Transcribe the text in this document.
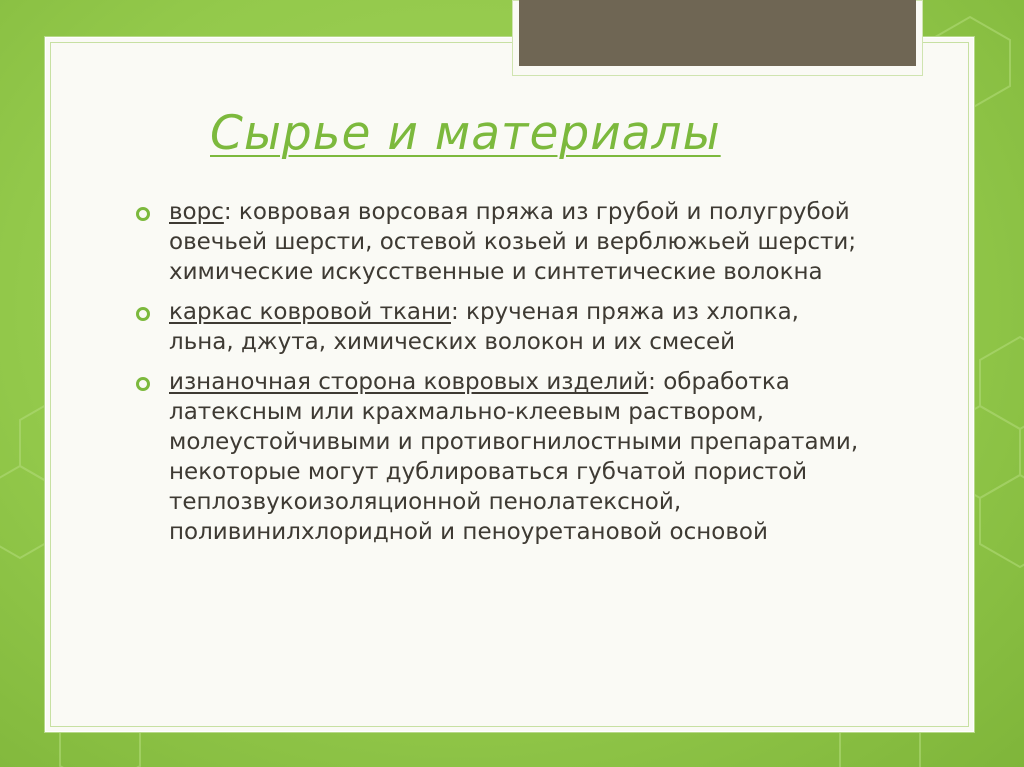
Сырье и материалы
ворс: ковровая ворсовая пряжа из грубой и полугрубой овечьей шерсти, остевой козьей и верблюжьей шерсти; химические искусственные и синтетические волокна
каркас ковровой ткани: крученая пряжа из хлопка, льна, джута, химических волокон и их смесей
изнаночная сторона ковровых изделий: обработка латексным или крахмально-клеевым раствором, молеустойчивыми и противогнилостными препаратами, некоторые могут дублироваться губчатой пористой теплозвукоизоляционной пенолатексной, поливинилхлоридной и пеноуретановой основой
